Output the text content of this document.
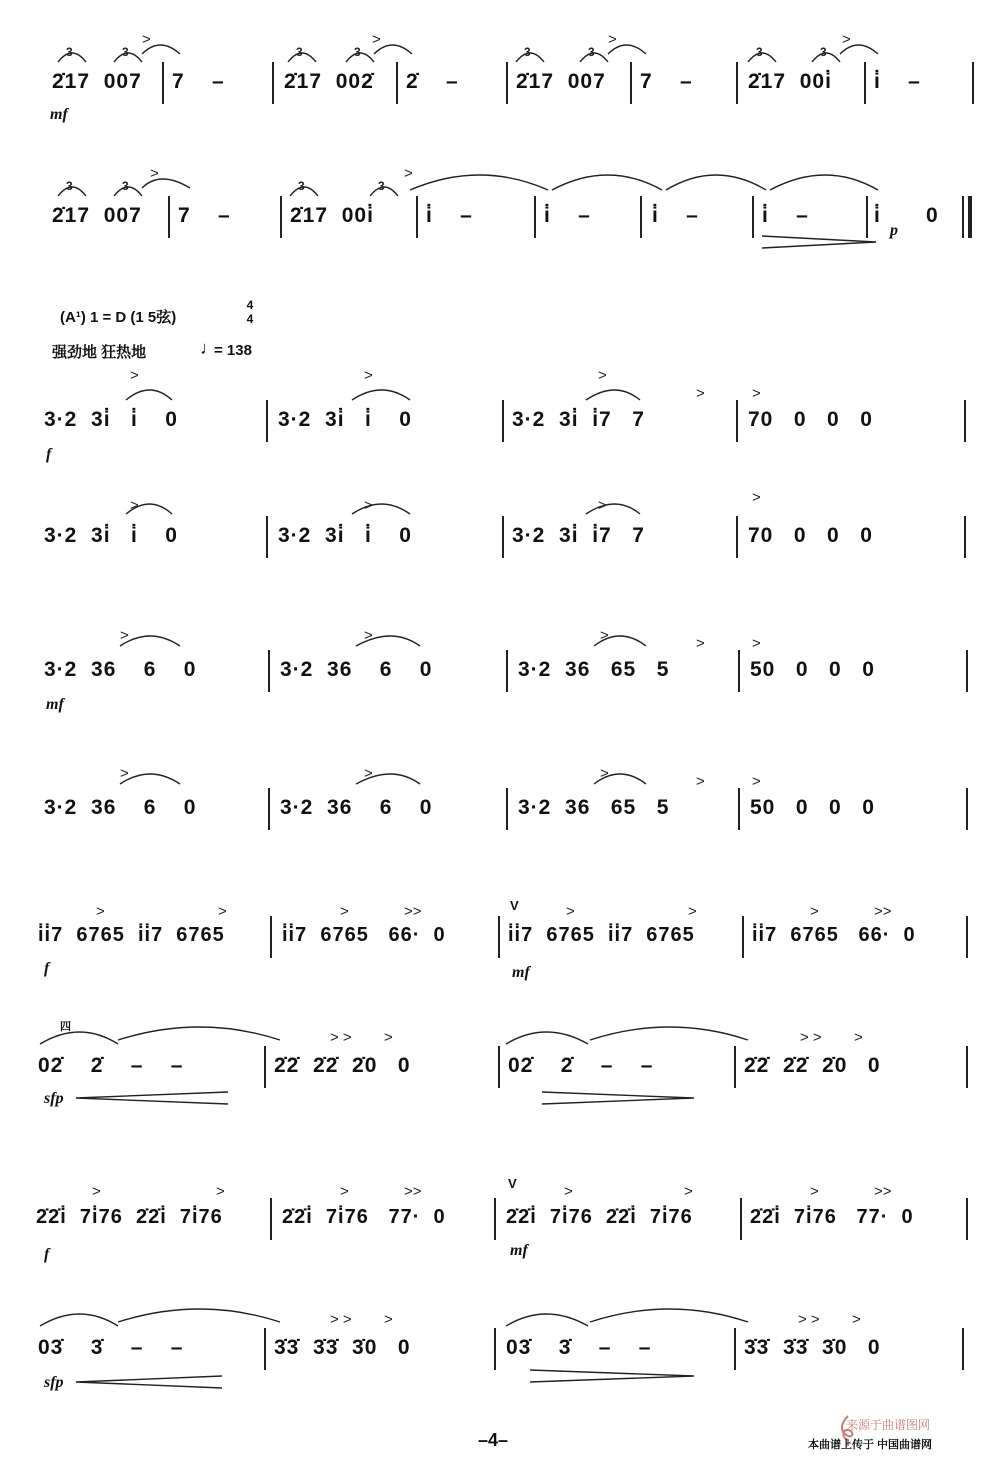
3	3	3	3	3	3	3	3
3	3	3	3
>	>	>	>
>	>
>	>	>
>	>
>	>	>	>
>	>	>	>	>
>	>	>	>	>
>	>	>	>>	>	>	>	>>
> > >	> > >
>	>	>	>>	>	>	>	>>
> > >	> > >
(A¹) 1 = D (1 5弦)
4
4
强劲地 狂热地	♩
= 138
2̇17  007 7    –	2̇17  002̇ 2̇    –	2̇17  007 7    –	2̇17  00i̇ i̇    –
mf
2̇17  007 7    –	2̇17  00i̇ i̇    –	i̇    –	i̇    –	i̇    –	i̇ 0
p
3·2  3i̇   i̇    0	3·2  3i̇   i̇    0	3·2  3i̇  i̇7   7	70   0   0   0
f
3·2  3i̇   i̇    0	3·2  3i̇   i̇    0	3·2  3i̇  i̇7   7	70   0   0   0
3·2  36    6    0	3·2  36    6    0	3·2  36   65   5	50   0   0   0
mf
3·2  36    6    0	3·2  36    6    0	3·2  36   65   5	50   0   0   0
i̇i̇7  6765  i̇i̇7  6765	i̇i̇7  6765   66·  0	i̇i̇7  6765  i̇i̇7  6765	i̇i̇7  6765   66·  0
f	mf
V
02̇    2̇    –    –	2̇2̇  2̇2̇  2̇0   0	02̇    2̇    –    –	2̇2̇  2̇2̇  2̇0   0
四
sfp
2̇2̇i̇  7i̇76  2̇2̇i̇  7i̇76	2̇2̇i̇  7i̇76   77·  0	2̇2̇i̇  7i̇76  2̇2̇i̇  7i̇76	2̇2̇i̇  7i̇76   77·  0
f	mf
V
03̇    3̇    –    –	3̇3̇  3̇3̇  3̇0   0	03̇    3̇    –    –	3̇3̇  3̇3̇  3̇0   0
sfp
–4–
来源于曲谱图网
本曲谱上传于 中国曲谱网
